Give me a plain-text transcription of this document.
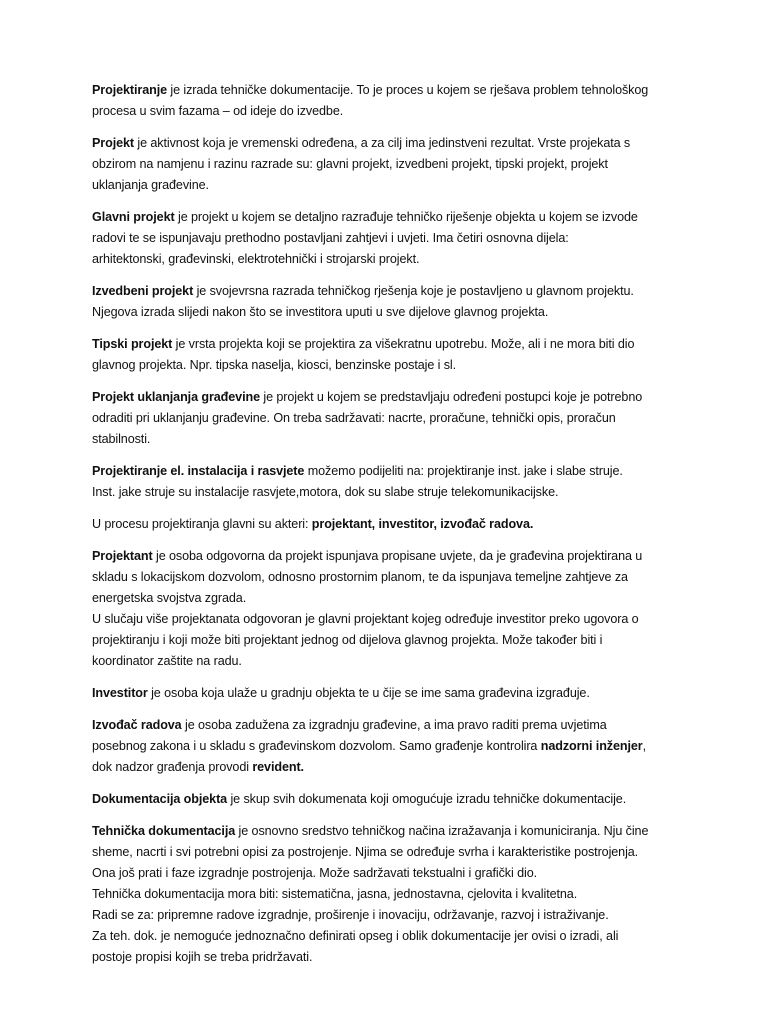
Projektiranje je izrada tehničke dokumentacije. To je proces u kojem se rješava problem tehnološkog
procesa u svim fazama – od ideje do izvedbe.

Projekt je aktivnost koja je vremenski određena, a za cilj ima jedinstveni rezultat. Vrste projekata s
obzirom na namjenu i razinu razrade su: glavni projekt, izvedbeni projekt, tipski projekt, projekt
uklanjanja građevine.

Glavni projekt je projekt u kojem se detaljno razrađuje tehničko riješenje objekta u kojem se izvode
radovi te se ispunjavaju prethodno postavljani zahtjevi i uvjeti. Ima četiri osnovna dijela:
arhitektonski, građevinski, elektrotehnički i strojarski projekt.

Izvedbeni projekt je svojevrsna razrada tehničkog rješenja koje je postavljeno u glavnom projektu.
Njegova izrada slijedi nakon što se investitora uputi u sve dijelove glavnog projekta.

Tipski projekt je vrsta projekta koji se projektira za višekratnu upotrebu. Može, ali i ne mora biti dio
glavnog projekta. Npr. tipska naselja, kiosci, benzinske postaje i sl.

Projekt uklanjanja građevine je projekt u kojem se predstavljaju određeni postupci koje je potrebno
odraditi pri uklanjanju građevine. On treba sadržavati: nacrte, proračune, tehnički opis, proračun
stabilnosti.

Projektiranje el. instalacija i rasvjete možemo podijeliti na: projektiranje inst. jake i slabe struje.
Inst. jake struje su instalacije rasvjete,motora, dok su slabe struje telekomunikacijske.

U procesu projektiranja glavni su akteri: projektant, investitor, izvođač radova.

Projektant je osoba odgovorna da projekt ispunjava propisane uvjete, da je građevina projektirana u
skladu s lokacijskom dozvolom, odnosno prostornim planom, te da ispunjava temeljne zahtjeve za
energetska svojstva zgrada.
U slučaju više projektanata odgovoran je glavni projektant kojeg određuje investitor preko ugovora o
projektiranju i koji može biti projektant jednog od dijelova glavnog projekta. Može također biti i
koordinator zaštite na radu.

Investitor je osoba koja ulaže u gradnju objekta te u čije se ime sama građevina izgrađuje.

Izvođač radova je osoba zadužena za izgradnju građevine, a ima pravo raditi prema uvjetima
posebnog zakona i u skladu s građevinskom dozvolom. Samo građenje kontrolira nadzorni inženjer,
dok nadzor građenja provodi revident.

Dokumentacija objekta je skup svih dokumenata koji omogućuje izradu tehničke dokumentacije.

Tehnička dokumentacija je osnovno sredstvo tehničkog načina izražavanja i komuniciranja. Nju čine
sheme, nacrti i svi potrebni opisi za postrojenje. Njima se određuje svrha i karakteristike postrojenja.
Ona još prati i faze izgradnje postrojenja. Može sadržavati tekstualni i grafički dio.
Tehnička dokumentacija mora biti: sistematična, jasna, jednostavna, cjelovita i kvalitetna.
Radi se za: pripremne radove izgradnje, proširenje i inovaciju, održavanje, razvoj i istraživanje.
Za teh. dok. je nemoguće jednoznačno definirati opseg i oblik dokumentacije jer ovisi o izradi, ali
postoje propisi kojih se treba pridržavati.
